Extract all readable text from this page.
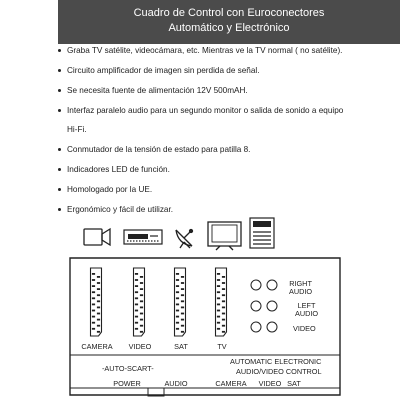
Cuadro de Control con Euroconectores
Automático y Electrónico
Graba TV satélite, videocámara, etc. Mientras ve la TV normal ( no satélite).
Circuito amplificador de imagen sin perdida de señal.
Se necesita fuente de alimentación 12V 500mAH.
Interfaz paralelo audio para un segundo monitor o salida de sonido a equipo
Hi-Fi.
Conmutador de la tensión de estado para patilla 8.
Indicadores LED de función.
Homologado por la UE.
Ergonómico y fácil de utilizar.
CAMERA VIDEO	SAT	TV
RIGHT
AUDIO
LEFT
AUDIO
VIDEO
-AUTO-SCART-
AUTOMATIC ELECTRONIC
AUDIO/VIDEO CONTROL
POWER	AUDIO	CAMERA VIDEO SAT
